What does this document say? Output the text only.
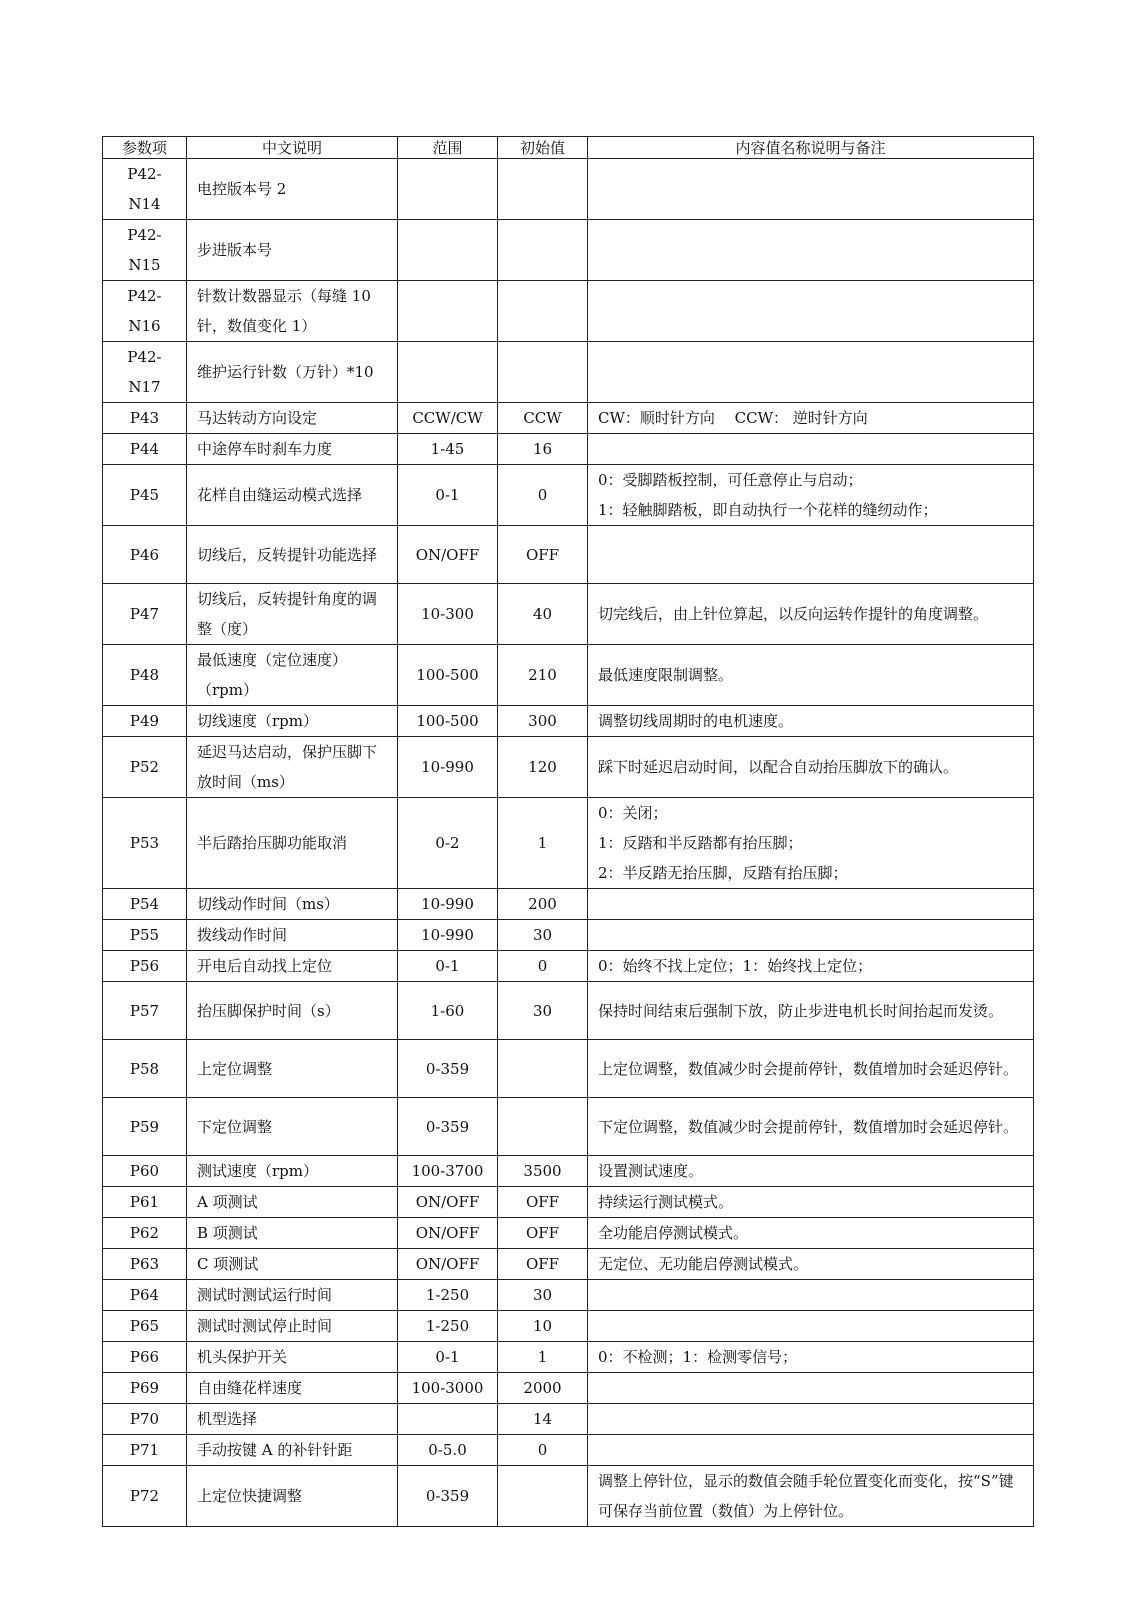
参数项	中文说明	范围	初始值	内容值名称说明与备注
P42-N14	电控版本号 2			
P42-N15	步进版本号			
P42-N16	针数计数器显示（每缝 10 针，数值变化 1）			
P42-N17	维护运行针数（万针）*10			
P43	马达转动方向设定	CCW/CW	CCW	CW：顺时针方向　 CCW： 逆时针方向

P44	中途停车时刹车力度	1-45	16	
P45	花样自由缝运动模式选择	0-1	0	0：受脚踏板控制，可任意停止与启动；
1：轻触脚踏板，即自动执行一个花样的缝纫动作；

P46	切线后，反转提针功能选择	ON/OFF	OFF	
P47	切线后，反转提针角度的调整（度）	10-300	40	切完线后，由上针位算起，以反向运转作提针的角度调整。

P48	最低速度（定位速度）（rpm）	100-500	210	最低速度限制调整。

P49	切线速度（rpm）	100-500	300	调整切线周期时的电机速度。

P52	延迟马达启动，保护压脚下放时间（ms）	10-990	120	踩下时延迟启动时间，以配合自动抬压脚放下的确认。

P53	半后踏抬压脚功能取消	0-2	1	0：关闭；
1：反踏和半反踏都有抬压脚；
2：半反踏无抬压脚，反踏有抬压脚；

P54	切线动作时间（ms）	10-990	200	
P55	拨线动作时间	10-990	30	
P56	开电后自动找上定位	0-1	0	0：始终不找上定位；1：始终找上定位；

P57	抬压脚保护时间（s）	1-60	30	保持时间结束后强制下放，防止步进电机长时间抬起而发烫。

P58	上定位调整	0-359		上定位调整，数值减少时会提前停针，数值增加时会延迟停针。

P59	下定位调整	0-359		下定位调整，数值减少时会提前停针，数值增加时会延迟停针。

P60	测试速度（rpm）	100-3700	3500	设置测试速度。

P61	A 项测试	ON/OFF	OFF	持续运行测试模式。

P62	B 项测试	ON/OFF	OFF	全功能启停测试模式。

P63	C 项测试	ON/OFF	OFF	无定位、无功能启停测试模式。

P64	测试时测试运行时间	1-250	30	
P65	测试时测试停止时间	1-250	10	
P66	机头保护开关	0-1	1	0：不检测；1：检测零信号；

P69	自由缝花样速度	100-3000	2000	
P70	机型选择		14	
P71	手动按键 A 的补针针距	0-5.0	0	
P72	上定位快捷调整	0-359		调整上停针位，显示的数值会随手轮位置变化而变化，按“S”键可保存当前位置（数值）为上停针位。
